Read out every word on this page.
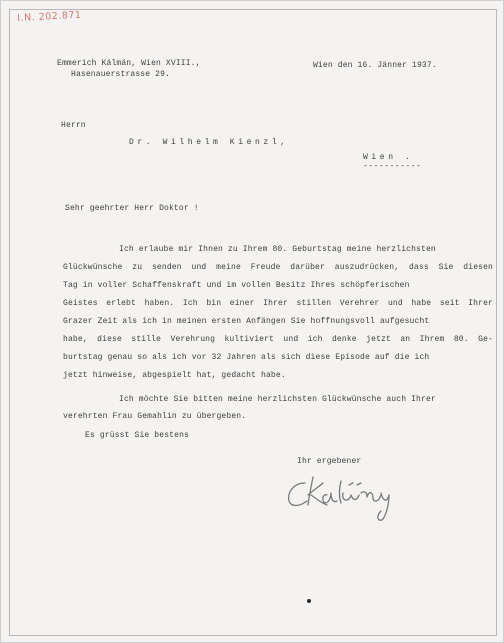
I.N. 202.871
Emmerich Kálmán, Wien XVIII.,
Hasenauerstrasse 29.
Wien den 16. Jänner 1937.
Herrn
Dr. Wilhelm Kienzl,
Wien .
-----------
Sehr geehrter Herr Doktor !
Ich erlaube mir Ihnen zu Ihrem 80. Geburtstag meine herzlichsten
Glückwünsche zu senden und meine Freude darüber auszudrücken, dass Sie diesen
Tag in voller Schaffenskraft und im vollen Besitz Ihres schöpferischen
Geistes erlebt haben. Ich bin einer Ihrer stillen Verehrer und habe seit Ihrer
Grazer Zeit als ich in meinen ersten Anfängen Sie hoffnungsvoll aufgesucht
habe, diese stille Verehrung kultiviert und ich denke jetzt an Ihrem 80. Ge-
burtstag genau so als ich vor 32 Jahren als sich diese Episode auf die ich
jetzt hinweise, abgespielt hat, gedacht habe.
Ich möchte Sie bitten meine herzlichsten Glückwünsche auch Ihrer
verehrten Frau Gemahlin zu übergeben.
Es grüsst Sie bestens
Ihr ergebener
